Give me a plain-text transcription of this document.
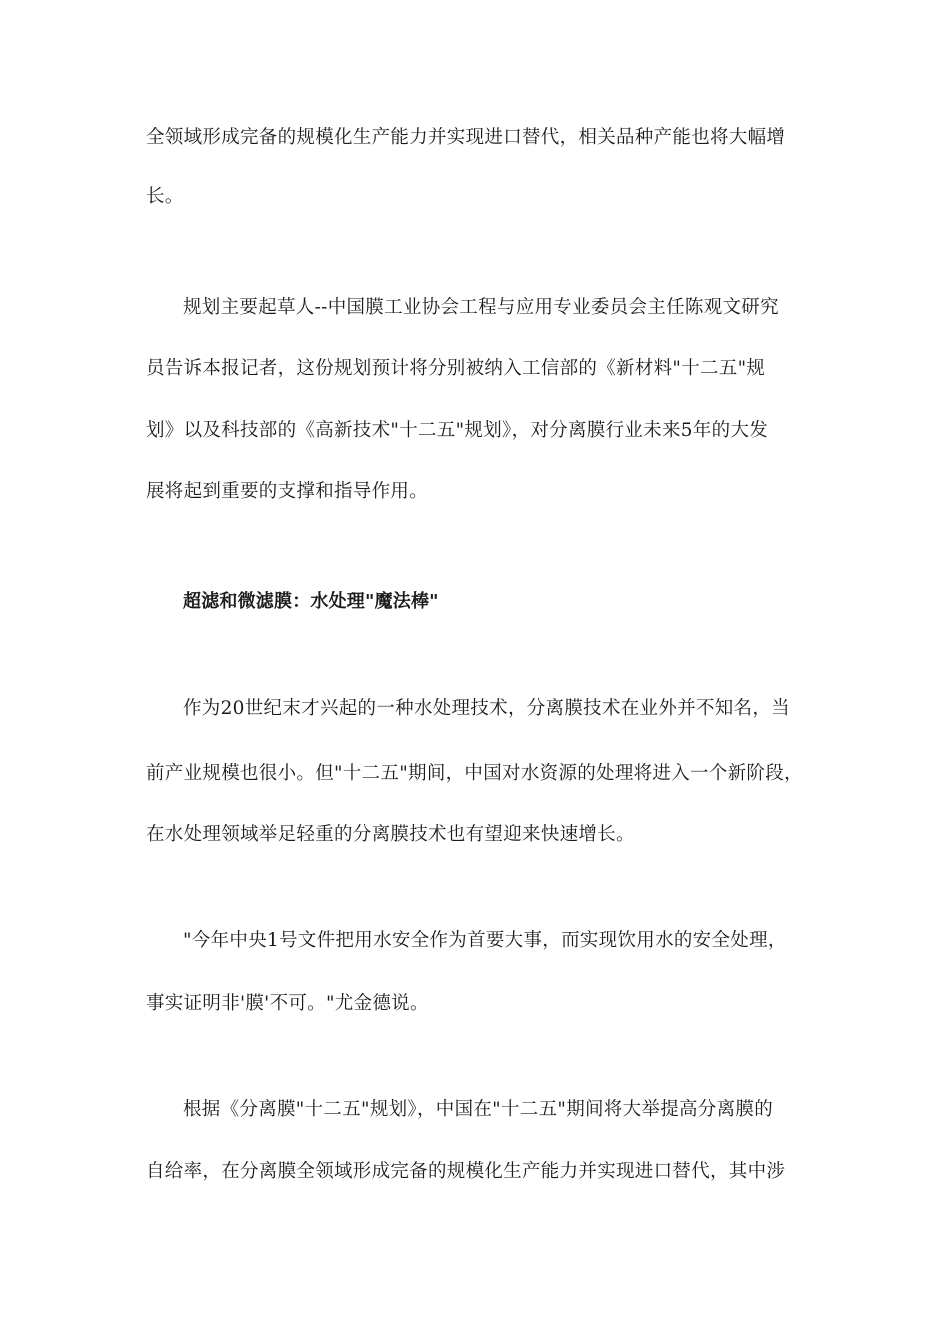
全领域形成完备的规模化生产能力并实现进口替代，相关品种产能也将大幅增
长。
规划主要起草人--中国膜工业协会工程与应用专业委员会主任陈观文研究
员告诉本报记者，这份规划预计将分别被纳入工信部的《新材料"十二五"规
划》以及科技部的《高新技术"十二五"规划》，对分离膜行业未来5年的大发
展将起到重要的支撑和指导作用。
超滤和微滤膜：水处理"魔法棒"
作为20世纪末才兴起的一种水处理技术，分离膜技术在业外并不知名，当
前产业规模也很小。但"十二五"期间，中国对水资源的处理将进入一个新阶段，
在水处理领域举足轻重的分离膜技术也有望迎来快速增长。
"今年中央1号文件把用水安全作为首要大事，而实现饮用水的安全处理，
事实证明非'膜'不可。"尤金德说。
根据《分离膜"十二五"规划》，中国在"十二五"期间将大举提高分离膜的
自给率，在分离膜全领域形成完备的规模化生产能力并实现进口替代，其中涉
